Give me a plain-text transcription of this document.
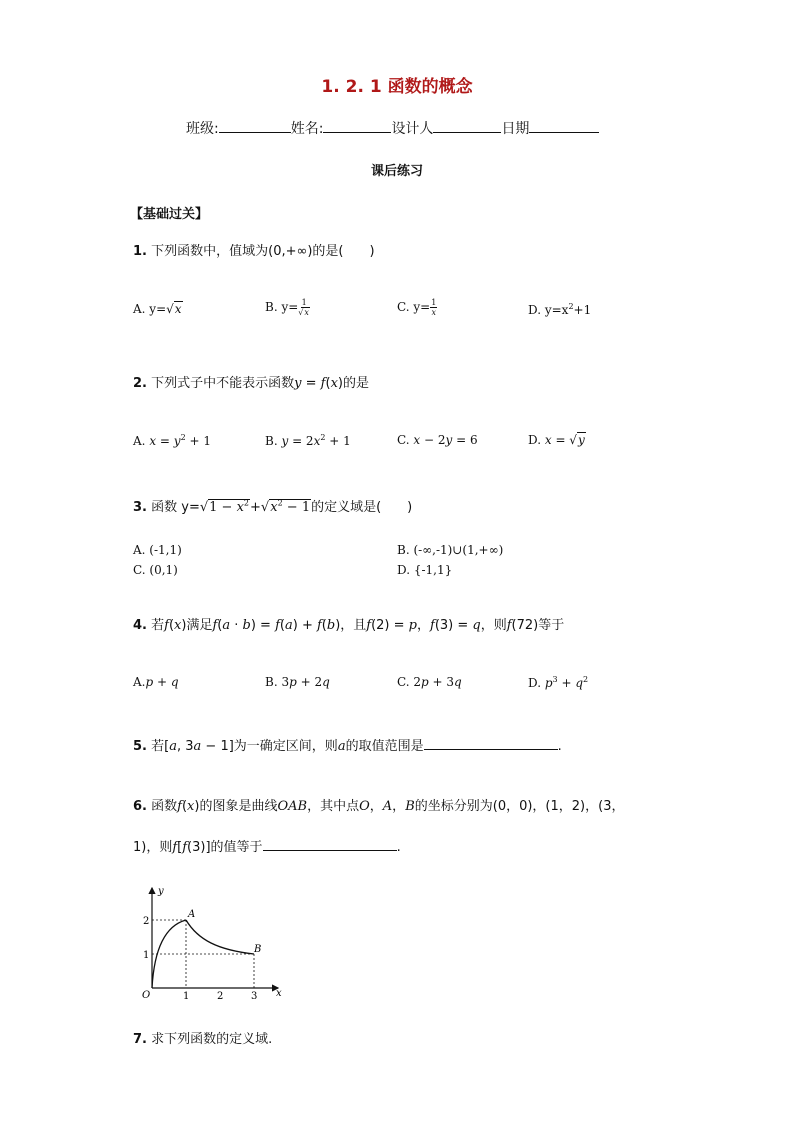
1. 2. 1 函数的概念
班级:	姓名:	设计人	日期
课后练习
【基础过关】
1. 下列函数中，值域为(0,+∞)的是(　　)
A. y=√x	B. $y= \frac{1}{√x}$	C. $y= \frac{1}{x}$	D. $y=x^2+1$
2. 下列式子中不能表示函数y = f(x)的是
A. $x = y^2 + 1$	B. $y = 2x^2 + 1$	C. x − 2y = 6	D. x = √y
3. 函数 $y=√1 - x^2+√x^2 - 1$的定义域是(　　)
A. (-1,1)	B. (-∞,-1)∪(1,+∞)
C. (0,1)	D. {-1,1}
4. 若f(x)满足f(a · b) = f(a) + f(b)，且f(2) = p，f(3) = q，则f(72)等于
A.p + q	B. 3p + 2q	C. 2p + 3q	D. $p^3 + q^2$
5. 若[a, 3a − 1]为一确定区间，则a的取值范围是	.
6. 函数f(x)的图象是曲线OAB，其中点O，A，B的坐标分别为(0，0)，(1，2)，(3，
1)，则f[f(3)]的值等于	.
y
x
O
A
B
2
1
1	2	3
7. 求下列函数的定义域.
